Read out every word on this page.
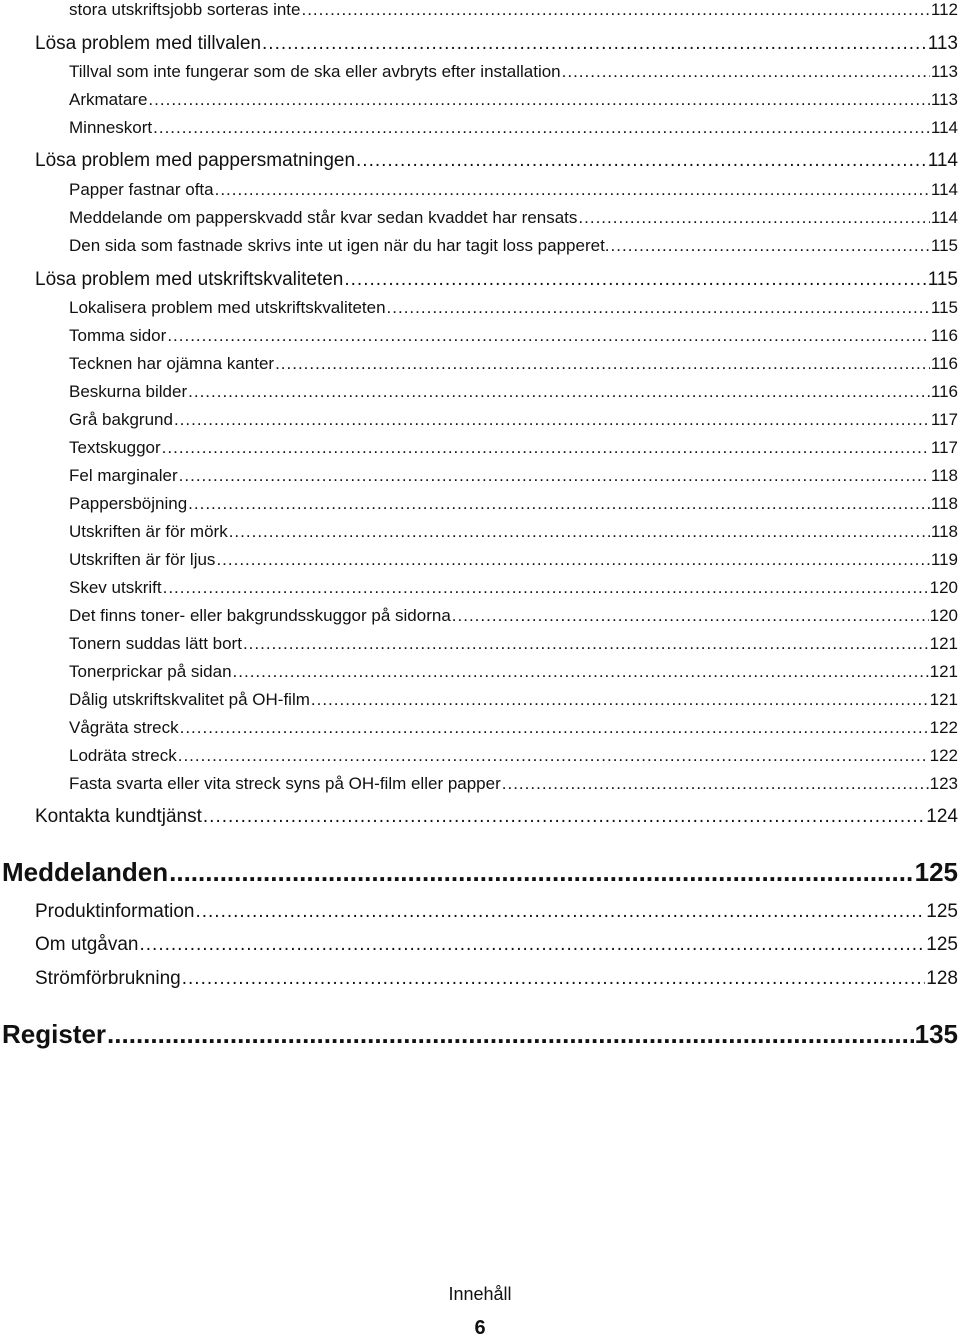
stora utskriftsjobb sorteras inte .....	112
Lösa problem med tillvalen .....	113
Tillval som inte fungerar som de ska eller avbryts efter installation .....	113
Arkmatare .....	113
Minneskort .....	114
Lösa problem med pappersmatningen .....	114
Papper fastnar ofta .....	114
Meddelande om papperskvadd står kvar sedan kvaddet har rensats .....	114
Den sida som fastnade skrivs inte ut igen när du har tagit loss papperet. .....	115
Lösa problem med utskriftskvaliteten .....	115
Lokalisera problem med utskriftskvaliteten .....	115
Tomma sidor .....	116
Tecknen har ojämna kanter .....	116
Beskurna bilder .....	116
Grå bakgrund .....	117
Textskuggor .....	117
Fel marginaler .....	118
Pappersböjning .....	118
Utskriften är för mörk .....	118
Utskriften är för ljus .....	119
Skev utskrift .....	120
Det finns toner- eller bakgrundsskuggor på sidorna .....	120
Tonern suddas lätt bort .....	121
Tonerprickar på sidan .....	121
Dålig utskriftskvalitet på OH-film .....	121
Vågräta streck .....	122
Lodräta streck .....	122
Fasta svarta eller vita streck syns på OH-film eller papper .....	123
Kontakta kundtjänst .....	124
Meddelanden .....	125
Produktinformation .....	125
Om utgåvan .....	125
Strömförbrukning .....	128
Register .....	135
Innehåll
6
